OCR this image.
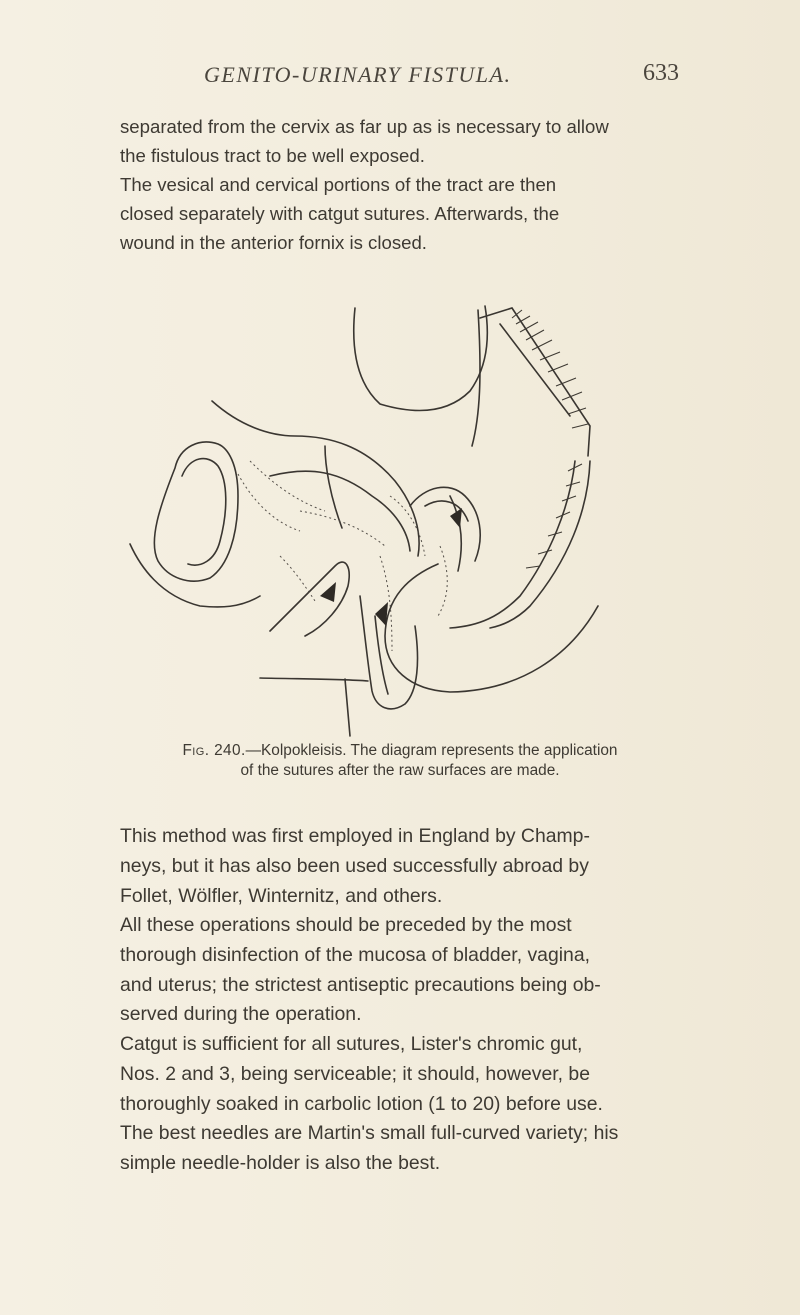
GENITO-URINARY FISTULA.	633
separated from the cervix as far up as is necessary to allow
the fistulous tract to be well exposed.
The vesical and cervical portions of the tract are then
closed separately with catgut sutures. Afterwards, the
wound in the anterior fornix is closed.
Fig. 240.—Kolpokleisis. The diagram represents the application
of the sutures after the raw surfaces are made.
This method was first employed in England by Champ-
neys, but it has also been used successfully abroad by
Follet, Wölfler, Winternitz, and others.
All these operations should be preceded by the most
thorough disinfection of the mucosa of bladder, vagina,
and uterus; the strictest antiseptic precautions being ob-
served during the operation.
Catgut is sufficient for all sutures, Lister's chromic gut,
Nos. 2 and 3, being serviceable; it should, however, be
thoroughly soaked in carbolic lotion (1 to 20) before use.
The best needles are Martin's small full-curved variety; his
simple needle-holder is also the best.
